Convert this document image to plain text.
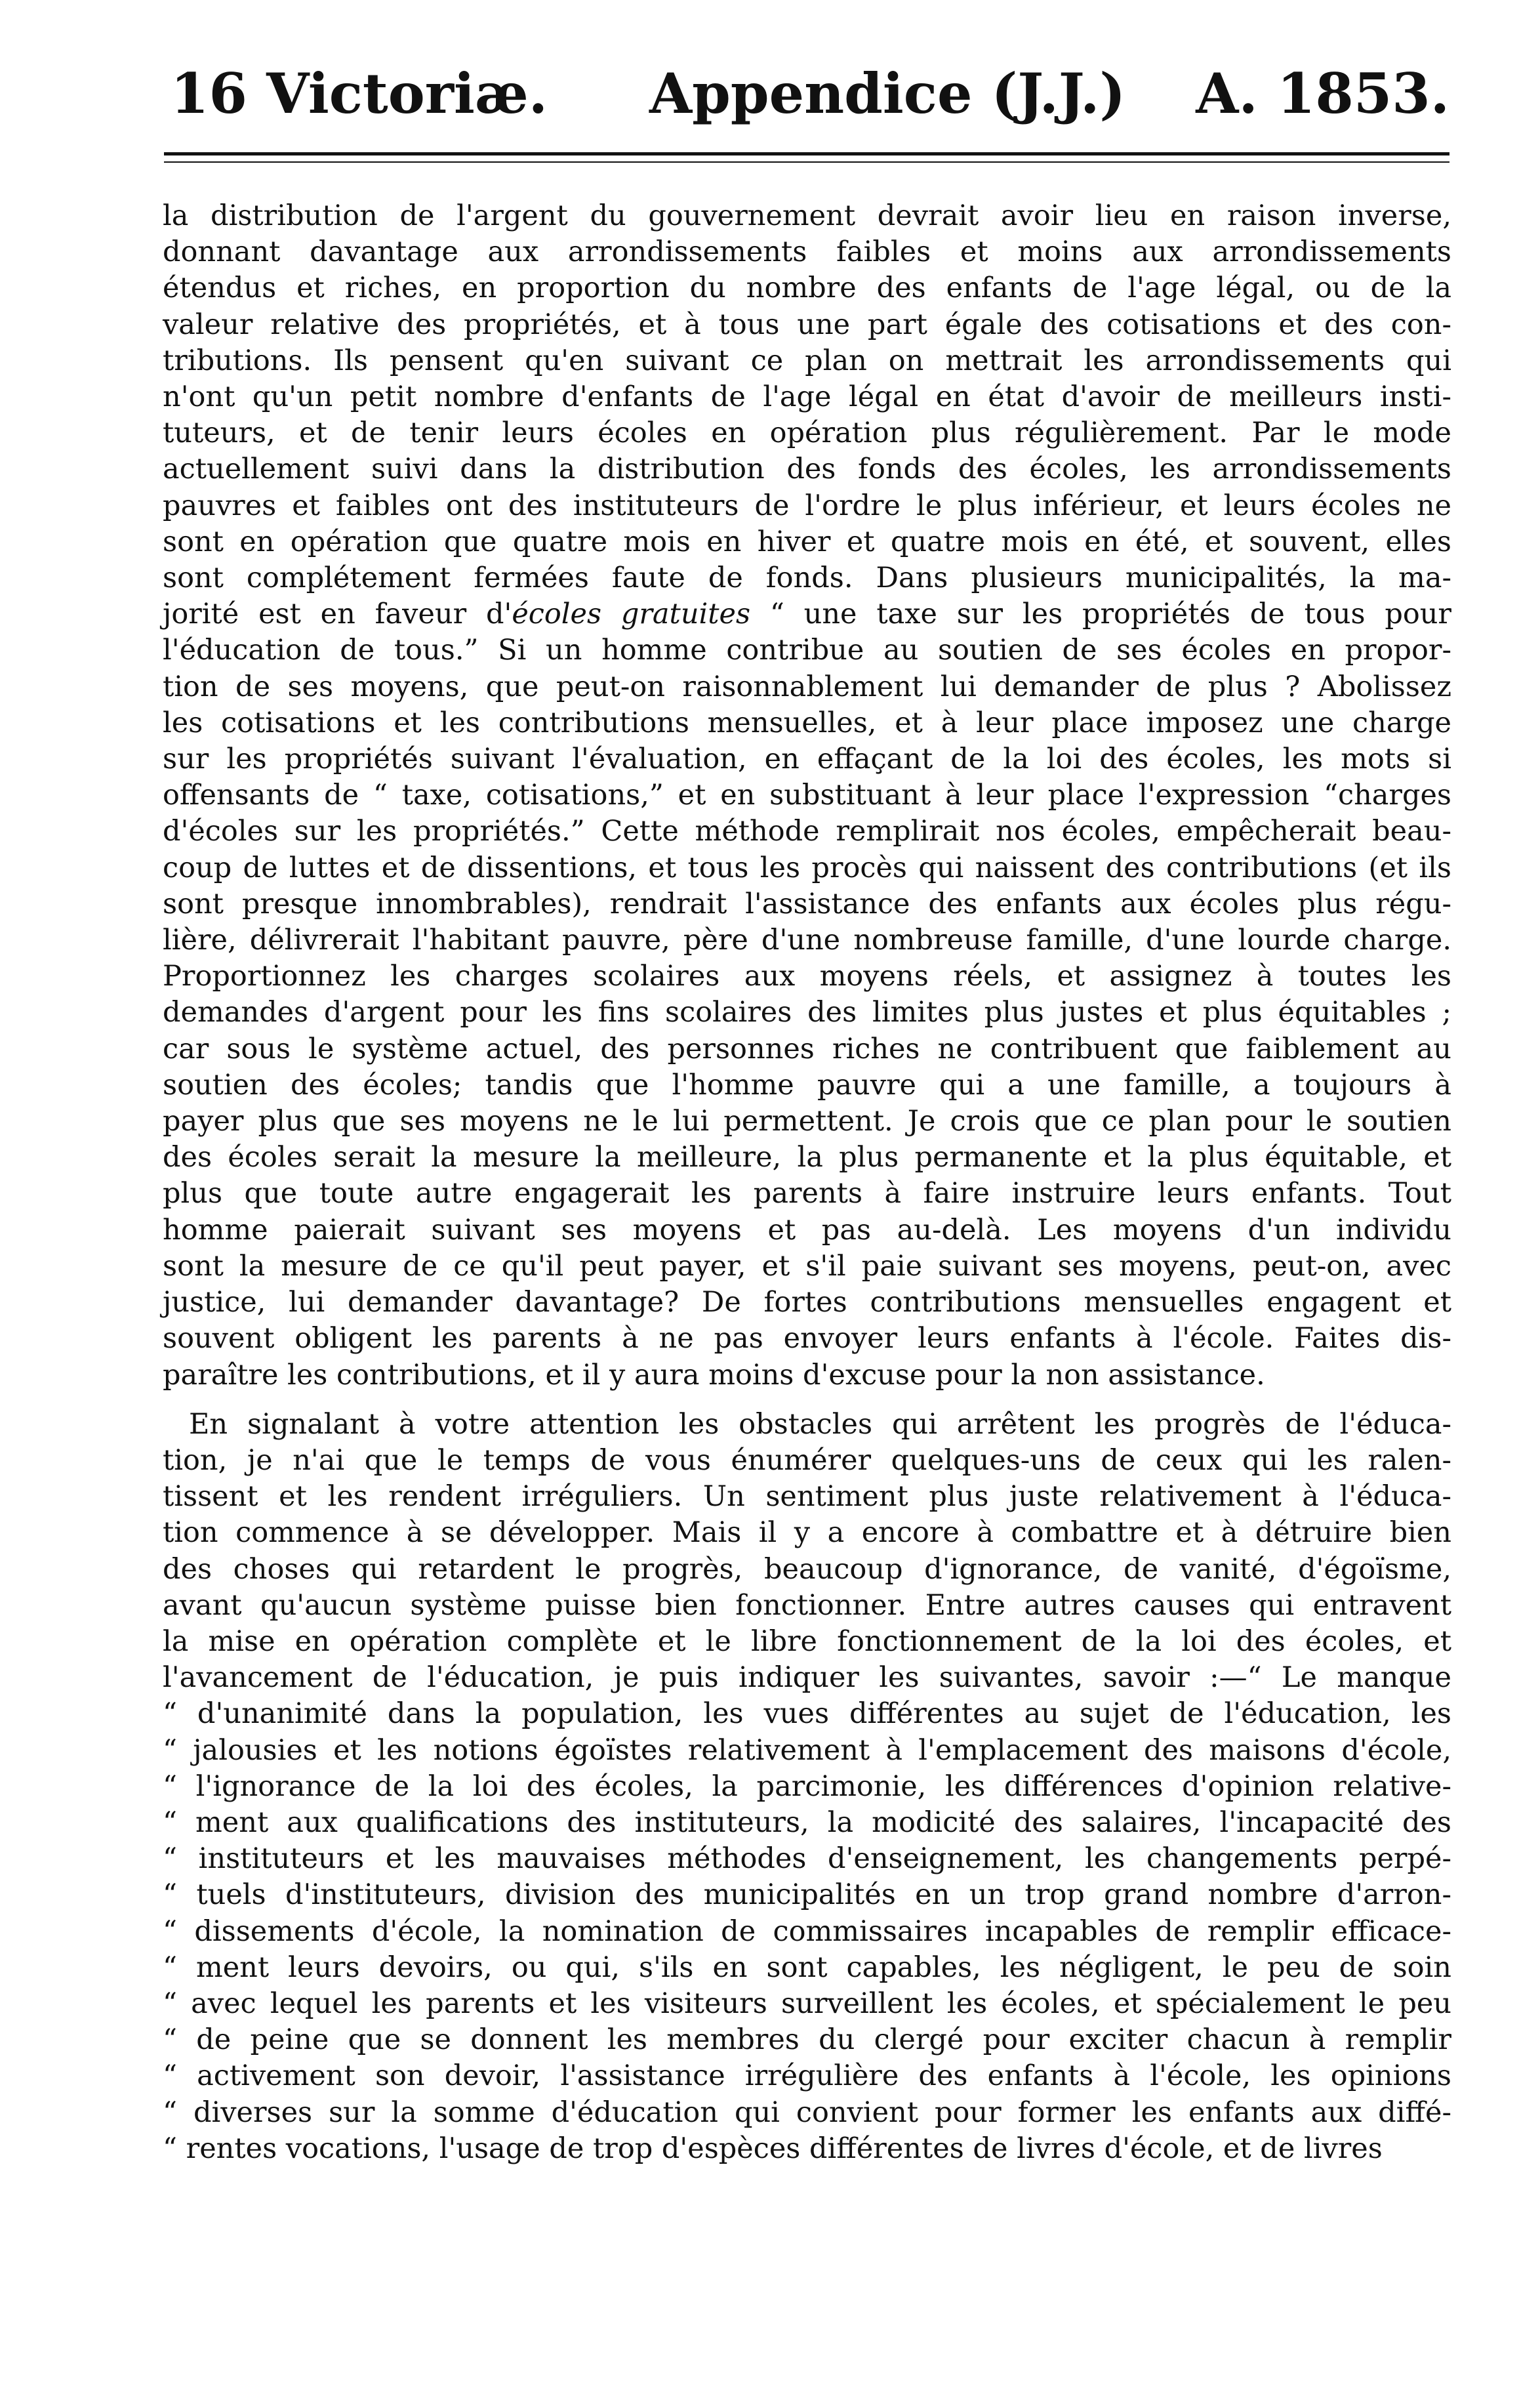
16 Victoriæ. Appendice (J.J.) A. 1853.
la distribution de l'argent du gouvernement devrait avoir lieu en raison inverse,
donnant davantage aux arrondissements faibles et moins aux arrondissements
étendus et riches, en proportion du nombre des enfants de l'age légal, ou de la
valeur relative des propriétés, et à tous une part égale des cotisations et des con-
tributions. Ils pensent qu'en suivant ce plan on mettrait les arrondissements qui
n'ont qu'un petit nombre d'enfants de l'age légal en état d'avoir de meilleurs insti-
tuteurs, et de tenir leurs écoles en opération plus régulièrement. Par le mode
actuellement suivi dans la distribution des fonds des écoles, les arrondissements
pauvres et faibles ont des instituteurs de l'ordre le plus inférieur, et leurs écoles ne
sont en opération que quatre mois en hiver et quatre mois en été, et souvent, elles
sont complétement fermées faute de fonds. Dans plusieurs municipalités, la ma-
jorité est en faveur d'écoles gratuites “ une taxe sur les propriétés de tous pour
l'éducation de tous.” Si un homme contribue au soutien de ses écoles en propor-
tion de ses moyens, que peut-on raisonnablement lui demander de plus ? Abolissez
les cotisations et les contributions mensuelles, et à leur place imposez une charge
sur les propriétés suivant l'évaluation, en effaçant de la loi des écoles, les mots si
offensants de “ taxe, cotisations,” et en substituant à leur place l'expression “charges
d'écoles sur les propriétés.” Cette méthode remplirait nos écoles, empêcherait beau-
coup de luttes et de dissentions, et tous les procès qui naissent des contributions (et ils
sont presque innombrables), rendrait l'assistance des enfants aux écoles plus régu-
lière, délivrerait l'habitant pauvre, père d'une nombreuse famille, d'une lourde charge.
Proportionnez les charges scolaires aux moyens réels, et assignez à toutes les
demandes d'argent pour les fins scolaires des limites plus justes et plus équitables ;
car sous le système actuel, des personnes riches ne contribuent que faiblement au
soutien des écoles; tandis que l'homme pauvre qui a une famille, a toujours à
payer plus que ses moyens ne le lui permettent. Je crois que ce plan pour le soutien
des écoles serait la mesure la meilleure, la plus permanente et la plus équitable, et
plus que toute autre engagerait les parents à faire instruire leurs enfants. Tout
homme paierait suivant ses moyens et pas au-delà. Les moyens d'un individu
sont la mesure de ce qu'il peut payer, et s'il paie suivant ses moyens, peut-on, avec
justice, lui demander davantage? De fortes contributions mensuelles engagent et
souvent obligent les parents à ne pas envoyer leurs enfants à l'école. Faites dis-
paraître les contributions, et il y aura moins d'excuse pour la non assistance.
En signalant à votre attention les obstacles qui arrêtent les progrès de l'éduca-
tion, je n'ai que le temps de vous énumérer quelques-uns de ceux qui les ralen-
tissent et les rendent irréguliers. Un sentiment plus juste relativement à l'éduca-
tion commence à se développer. Mais il y a encore à combattre et à détruire bien
des choses qui retardent le progrès, beaucoup d'ignorance, de vanité, d'égoïsme,
avant qu'aucun système puisse bien fonctionner. Entre autres causes qui entravent
la mise en opération complète et le libre fonctionnement de la loi des écoles, et
l'avancement de l'éducation, je puis indiquer les suivantes, savoir :—“ Le manque
“ d'unanimité dans la population, les vues différentes au sujet de l'éducation, les
“ jalousies et les notions égoïstes relativement à l'emplacement des maisons d'école,
“ l'ignorance de la loi des écoles, la parcimonie, les différences d'opinion relative-
“ ment aux qualifications des instituteurs, la modicité des salaires, l'incapacité des
“ instituteurs et les mauvaises méthodes d'enseignement, les changements perpé-
“ tuels d'instituteurs, division des municipalités en un trop grand nombre d'arron-
“ dissements d'école, la nomination de commissaires incapables de remplir efficace-
“ ment leurs devoirs, ou qui, s'ils en sont capables, les négligent, le peu de soin
“ avec lequel les parents et les visiteurs surveillent les écoles, et spécialement le peu
“ de peine que se donnent les membres du clergé pour exciter chacun à remplir
“ activement son devoir, l'assistance irrégulière des enfants à l'école, les opinions
“ diverses sur la somme d'éducation qui convient pour former les enfants aux diffé-
“ rentes vocations, l'usage de trop d'espèces différentes de livres d'école, et de livres
